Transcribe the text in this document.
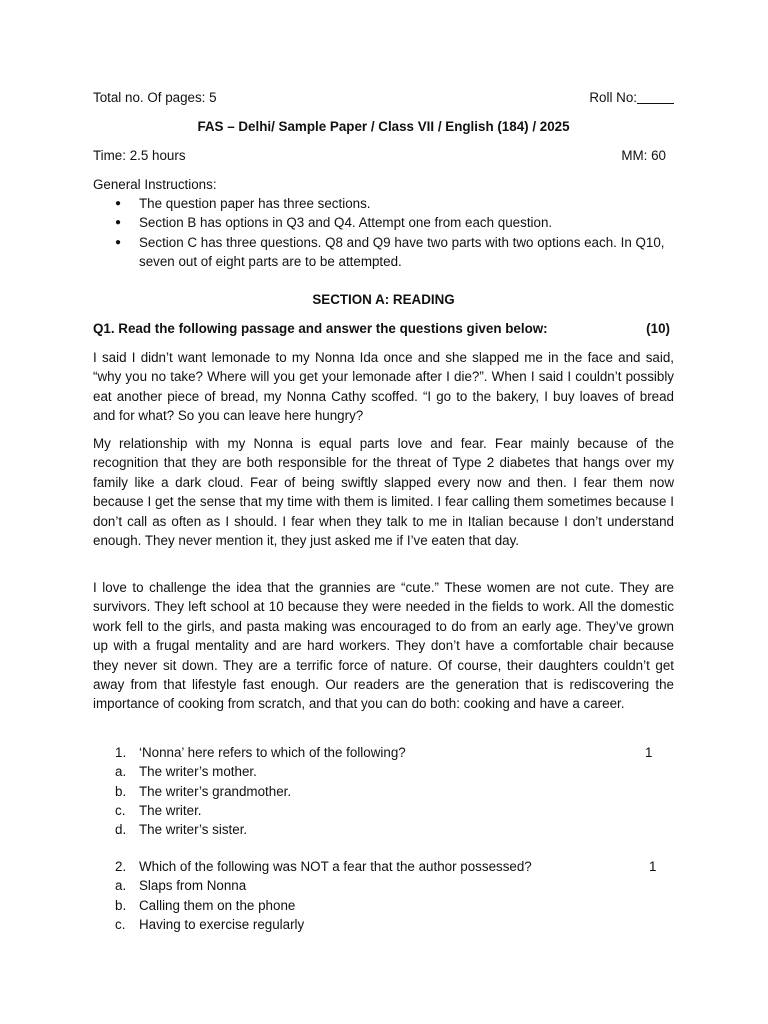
Total no. Of pages: 5	Roll No:
FAS – Delhi/ Sample Paper / Class VII / English (184) / 2025
Time: 2.5 hours	MM: 60
General Instructions:
● The question paper has three sections.
● Section B has options in Q3 and Q4. Attempt one from each question.
● Section C has three questions. Q8 and Q9 have two parts with two options each. In Q10, seven out of eight parts are to be attempted.
SECTION A: READING
Q1. Read the following passage and answer the questions given below:	(10)

I said I didn’t want lemonade to my Nonna Ida once and she slapped me in the face and said, “why you no take? Where will you get your lemonade after I die?”. When I said I couldn’t possibly eat another piece of bread, my Nonna Cathy scoffed. “I go to the bakery, I buy loaves of bread and for what? So you can leave here hungry?

My relationship with my Nonna is equal parts love and fear. Fear mainly because of the recognition that they are both responsible for the threat of Type 2 diabetes that hangs over my family like a dark cloud. Fear of being swiftly slapped every now and then. I fear them now because I get the sense that my time with them is limited. I fear calling them sometimes because I don’t call as often as I should. I fear when they talk to me in Italian because I don’t understand enough. They never mention it, they just asked me if I’ve eaten that day.

I love to challenge the idea that the grannies are “cute.” These women are not cute. They are survivors. They left school at 10 because they were needed in the fields to work. All the domestic work fell to the girls, and pasta making was encouraged to do from an early age. They’ve grown up with a frugal mentality and are hard workers. They don’t have a comfortable chair because they never sit down. They are a terrific force of nature. Of course, their daughters couldn’t get away from that lifestyle fast enough. Our readers are the generation that is rediscovering the importance of cooking from scratch, and that you can do both: cooking and have a career.

1. ‘Nonna’ here refers to which of the following?	1
a. The writer’s mother.
b. The writer’s grandmother.
c. The writer.
d. The writer’s sister.
2. Which of the following was NOT a fear that the author possessed?	1
a. Slaps from Nonna
b. Calling them on the phone
c. Having to exercise regularly
